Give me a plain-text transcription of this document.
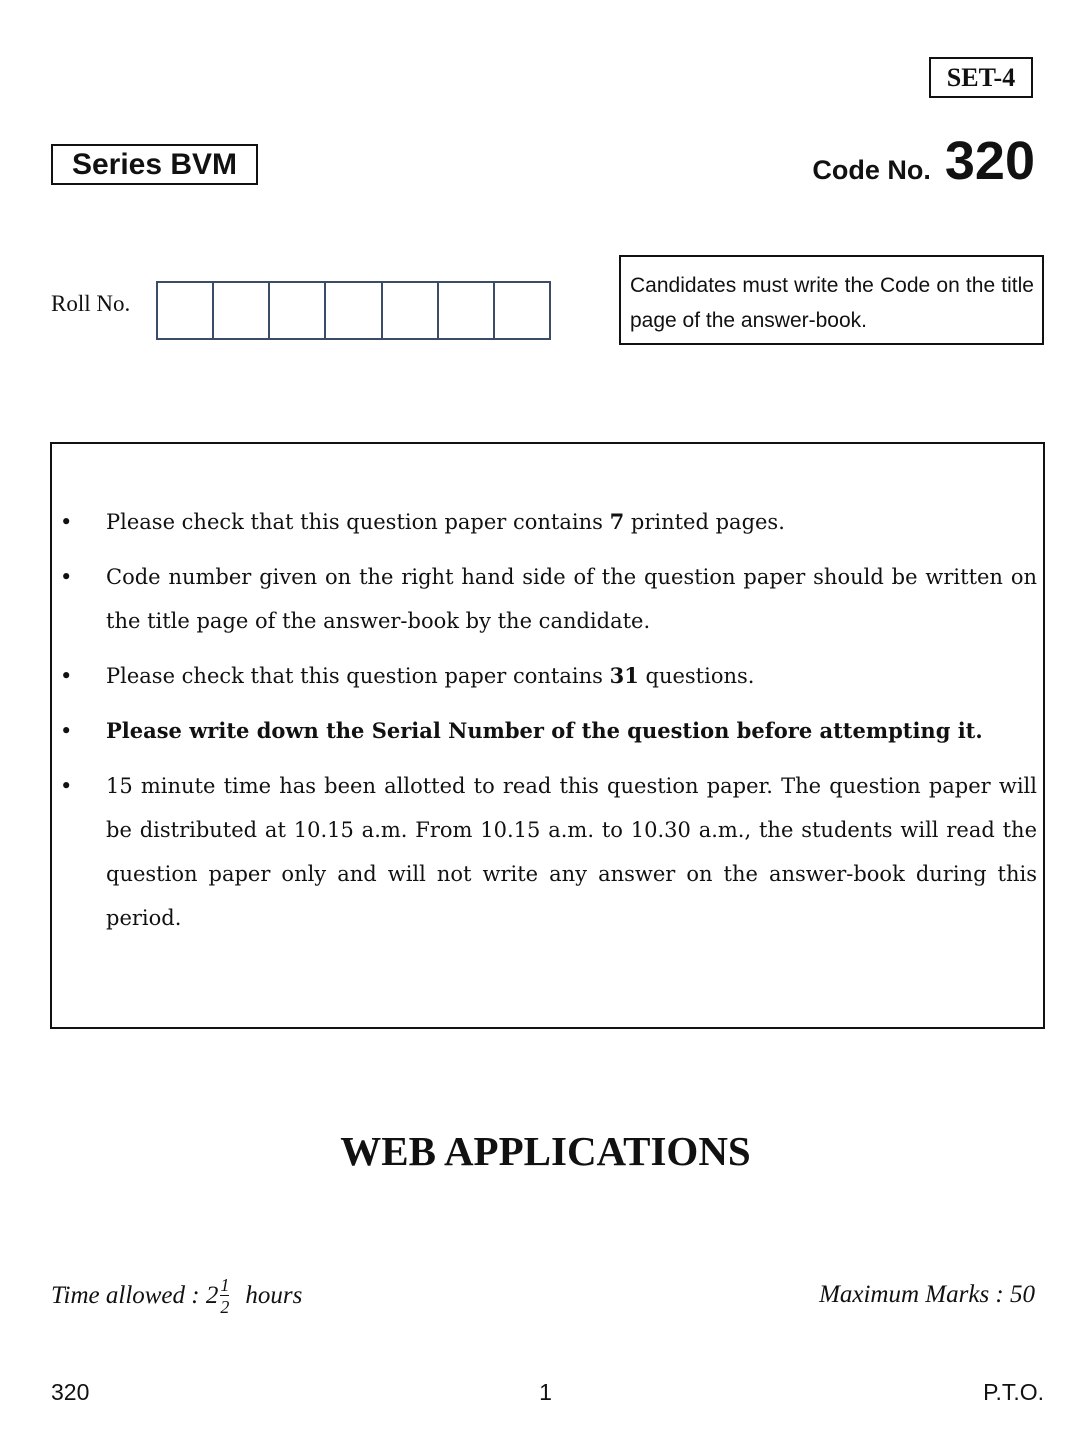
SET-4
Series BVM	Code No. 320
Roll No.
Candidates must write the Code on the title page of the answer-book.
• Please check that this question paper contains 7 printed pages.
• Code number given on the right hand side of the question paper should be written on the title page of the answer-book by the candidate.
• Please check that this question paper contains 31 questions.
• Please write down the Serial Number of the question before attempting it.
• 15 minute time has been allotted to read this question paper. The question paper will be distributed at 10.15 a.m. From 10.15 a.m. to 10.30 a.m., the students will read the question paper only and will not write any answer on the answer-book during this period.
WEB APPLICATIONS
Time allowed : $2 \frac{1}{2}$ hours	Maximum Marks : 50
320	1	P.T.O.
